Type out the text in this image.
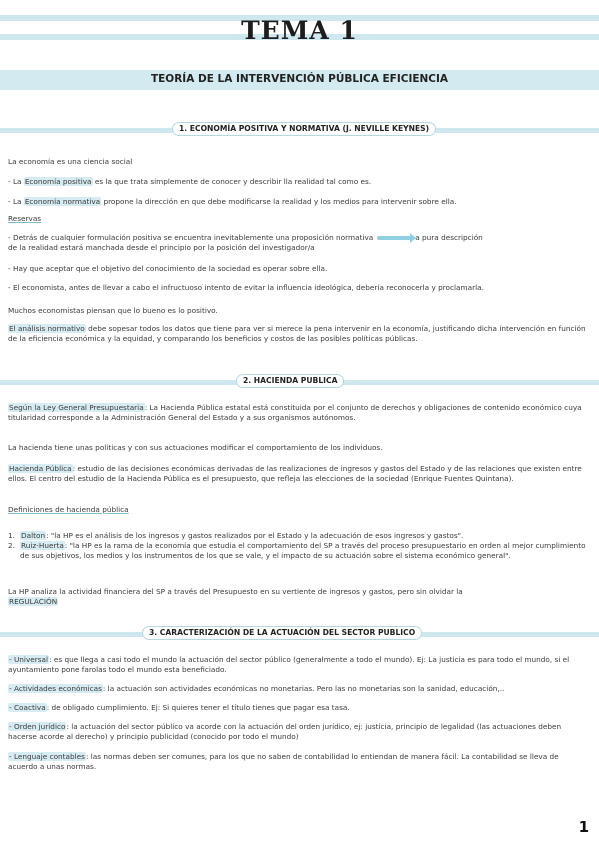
TEMA 1
TEORÍA DE LA INTERVENCIÓN PÚBLICA EFICIENCIA
1. ECONOMÍA POSITIVA Y NORMATIVA (J. NEVILLE KEYNES)

La economía es una ciencia social

- La Economía positiva es la que trata simplemente de conocer y describir lla realidad tal como es.

- La Economía normativa propone la dirección en que debe modificarse la realidad y los medios para intervenir sobre ella.

Reservas

- Detrás de cualquier formulación positiva se encuentra inevitablemente una proposición normativa	a pura descripción
de la realidad estará manchada desde el principio por la posición del investigador/a

- Hay que aceptar que el objetivo del conocimiento de la sociedad es operar sobre ella.

- El economista, antes de llevar a cabo el infructuoso intento de evitar la influencia ideológica, debería reconocerla y proclamarla.

Muchos economistas piensan que lo bueno es lo positivo.

El análisis normativo debe sopesar todos los datos que tiene para ver si merece la pena intervenir en la economía, justificando dicha intervención en función de la eficiencia económica y la equidad, y comparando los beneficios y costos de las posibles políticas públicas.

2. HACIENDA PUBLICA

Según la Ley General Presupuestaria: La Hacienda Pública estatal está constituida por el conjunto de derechos y obligaciones de contenido económico cuya titularidad corresponde a la Administración General del Estado y a sus organismos autónomos.

La hacienda tiene unas políticas y con sus actuaciones modificar el comportamiento de los individuos.

Hacienda Pública: estudio de las decisiones económicas derivadas de las realizaciones de ingresos y gastos del Estado y de las relaciones que existen entre ellos. El centro del estudio de la Hacienda Pública es el presupuesto, que refleja las elecciones de la sociedad (Enrique Fuentes Quintana).

Definiciones de hacienda pública

1. Dalton: "la HP es el análisis de los ingresos y gastos realizados por el Estado y la adecuación de esos ingresos y gastos".

2. Ruiz-Huerta: "la HP es la rama de la economía que estudia el comportamiento del SP a través del proceso presupuestario en orden al mejor cumplimiento de sus objetivos, los medios y los instrumentos de los que se vale, y el impacto de su actuación sobre el sistema económico general".

La HP analiza la actividad financiera del SP a través del Presupuesto en su vertiente de ingresos y gastos, pero sin olvidar la
REGULACIÓN

3. CARACTERIZACIÓN DE LA ACTUACIÓN DEL SECTOR PUBLICO

- Universal: es que llega a casi todo el mundo la actuación del sector público (generalmente a todo el mundo). Ej: La justicia es para todo el mundo, si el ayuntamiento pone farolas todo el mundo esta beneficiado.

- Actividades económicas: la actuación son actividades económicas no monetarias. Pero las no monetarias son la sanidad, educación,..

- Coactiva: de obligado cumplimiento. Ej: Si quieres tener el título tienes que pagar esa tasa.

- Orden jurídico: la actuación del sector público va acorde con la actuación del orden jurídico, ej: justicia, principio de legalidad (las actuaciones deben hacerse acorde al derecho) y principio publicidad (conocido por todo el mundo)

- Lenguaje contables: las normas deben ser comunes, para los que no saben de contabilidad lo entiendan de manera fácil. La contabilidad se lleva de acuerdo a unas normas.

1
